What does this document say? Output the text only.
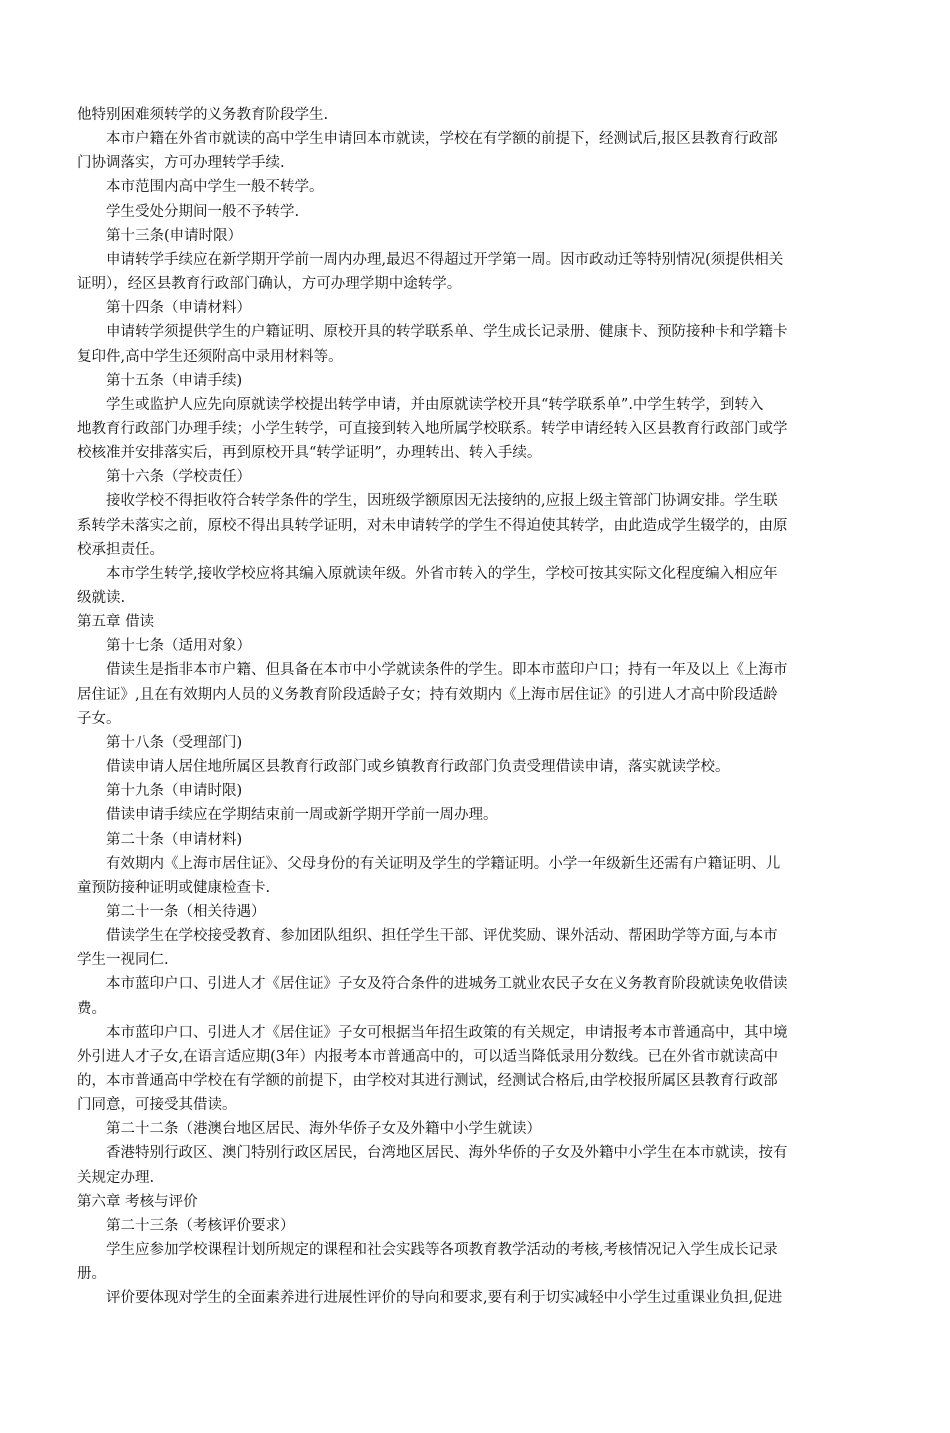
他特别困难须转学的义务教育阶段学生.
本市户籍在外省市就读的高中学生申请回本市就读，学校在有学额的前提下，经测试后,报区县教育行政部
门协调落实，方可办理转学手续.
本市范围内高中学生一般不转学。
学生受处分期间一般不予转学.
第十三条(申请时限）
申请转学手续应在新学期开学前一周内办理,最迟不得超过开学第一周。因市政动迁等特别情况(须提供相关
证明），经区县教育行政部门确认，方可办理学期中途转学。
第十四条（申请材料）
申请转学须提供学生的户籍证明、原校开具的转学联系单、学生成长记录册、健康卡、预防接种卡和学籍卡
复印件,高中学生还须附高中录用材料等。
第十五条（申请手续)
学生或监护人应先向原就读学校提出转学申请，并由原就读学校开具“转学联系单”.中学生转学，到转入
地教育行政部门办理手续；小学生转学，可直接到转入地所属学校联系。转学申请经转入区县教育行政部门或学
校核准并安排落实后，再到原校开具“转学证明”，办理转出、转入手续。
第十六条（学校责任）
接收学校不得拒收符合转学条件的学生，因班级学额原因无法接纳的,应报上级主管部门协调安排。学生联
系转学未落实之前，原校不得出具转学证明，对未申请转学的学生不得迫使其转学，由此造成学生辍学的，由原
校承担责任。
本市学生转学,接收学校应将其编入原就读年级。外省市转入的学生，学校可按其实际文化程度编入相应年
级就读.
第五章 借读
第十七条（适用对象）
借读生是指非本市户籍、但具备在本市中小学就读条件的学生。即本市蓝印户口；持有一年及以上《上海市
居住证》,且在有效期内人员的义务教育阶段适龄子女；持有效期内《上海市居住证》的引进人才高中阶段适龄
子女。
第十八条（受理部门)
借读申请人居住地所属区县教育行政部门或乡镇教育行政部门负责受理借读申请，落实就读学校。
第十九条（申请时限)
借读申请手续应在学期结束前一周或新学期开学前一周办理。
第二十条（申请材料)
有效期内《上海市居住证》、父母身份的有关证明及学生的学籍证明。小学一年级新生还需有户籍证明、儿
童预防接种证明或健康检查卡.
第二十一条（相关待遇）
借读学生在学校接受教育、参加团队组织、担任学生干部、评优奖励、课外活动、帮困助学等方面,与本市
学生一视同仁.
本市蓝印户口、引进人才《居住证》子女及符合条件的进城务工就业农民子女在义务教育阶段就读免收借读
费。
本市蓝印户口、引进人才《居住证》子女可根据当年招生政策的有关规定，申请报考本市普通高中，其中境
外引进人才子女,在语言适应期(3年）内报考本市普通高中的，可以适当降低录用分数线。已在外省市就读高中
的，本市普通高中学校在有学额的前提下，由学校对其进行测试，经测试合格后,由学校报所属区县教育行政部
门同意，可接受其借读。
第二十二条（港澳台地区居民、海外华侨子女及外籍中小学生就读）
香港特别行政区、澳门特别行政区居民，台湾地区居民、海外华侨的子女及外籍中小学生在本市就读，按有
关规定办理.
第六章 考核与评价
第二十三条（考核评价要求）
学生应参加学校课程计划所规定的课程和社会实践等各项教育教学活动的考核,考核情况记入学生成长记录
册。
评价要体现对学生的全面素养进行进展性评价的导向和要求,要有利于切实减轻中小学生过重课业负担,促进
